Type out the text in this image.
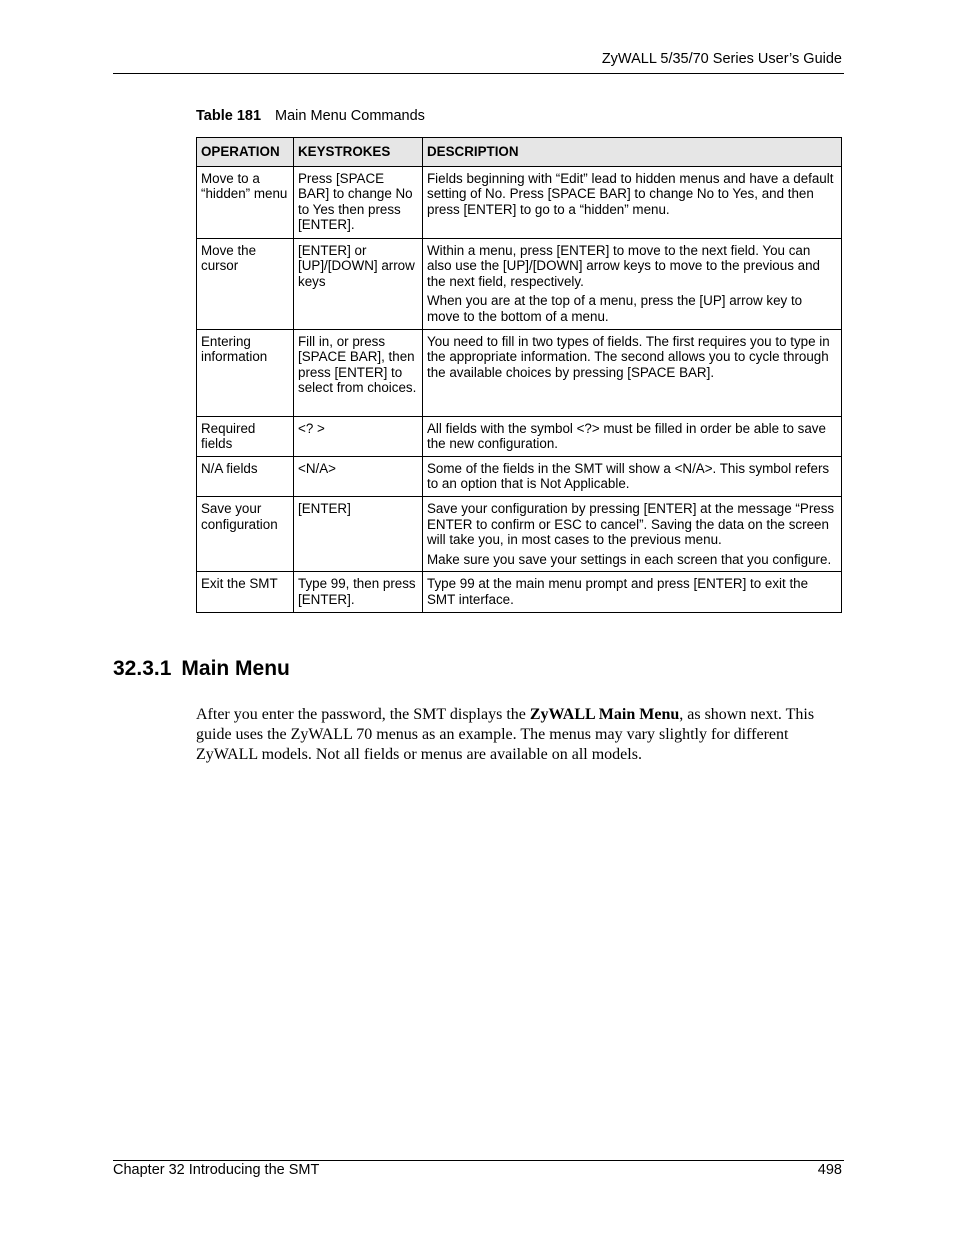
ZyWALL 5/35/70 Series User’s Guide
Table 181 Main Menu Commands
OPERATION	KEYSTROKES	DESCRIPTION
Move to a “hidden” menu	Press [SPACE BAR] to change No to Yes then press [ENTER].	Fields beginning with “Edit” lead to hidden menus and have a default setting of No. Press [SPACE BAR] to change No to Yes, and then press [ENTER] to go to a “hidden” menu.

Move the cursor	[ENTER] or [UP]/[DOWN] arrow keys	Within a menu, press [ENTER] to move to the next field. You can also use the [UP]/[DOWN] arrow keys to move to the previous and the next field, respectively.

When you are at the top of a menu, press the [UP] arrow key to move to the bottom of a menu.

Entering information	Fill in, or press [SPACE BAR], then press [ENTER] to select from choices.	You need to fill in two types of fields. The first requires you to type in the appropriate information. The second allows you to cycle through the available choices by pressing [SPACE BAR].

Required fields	<? >	All fields with the symbol <?> must be filled in order be able to save the new configuration.

N/A fields	<N/A>	Some of the fields in the SMT will show a <N/A>. This symbol refers to an option that is Not Applicable.

Save your configuration	[ENTER]	Save your configuration by pressing [ENTER] at the message “Press ENTER to confirm or ESC to cancel”. Saving the data on the screen will take you, in most cases to the previous menu.

Make sure you save your settings in each screen that you configure.

Exit the SMT	Type 99, then press [ENTER].	Type 99 at the main menu prompt and press [ENTER] to exit the SMT interface.

32.3.1 Main Menu

After you enter the password, the SMT displays the ZyWALL Main Menu, as shown next. This guide uses the ZyWALL 70 menus as an example. The menus may vary slightly for different ZyWALL models. Not all fields or menus are available on all models.

Chapter 32 Introducing the SMT	498
